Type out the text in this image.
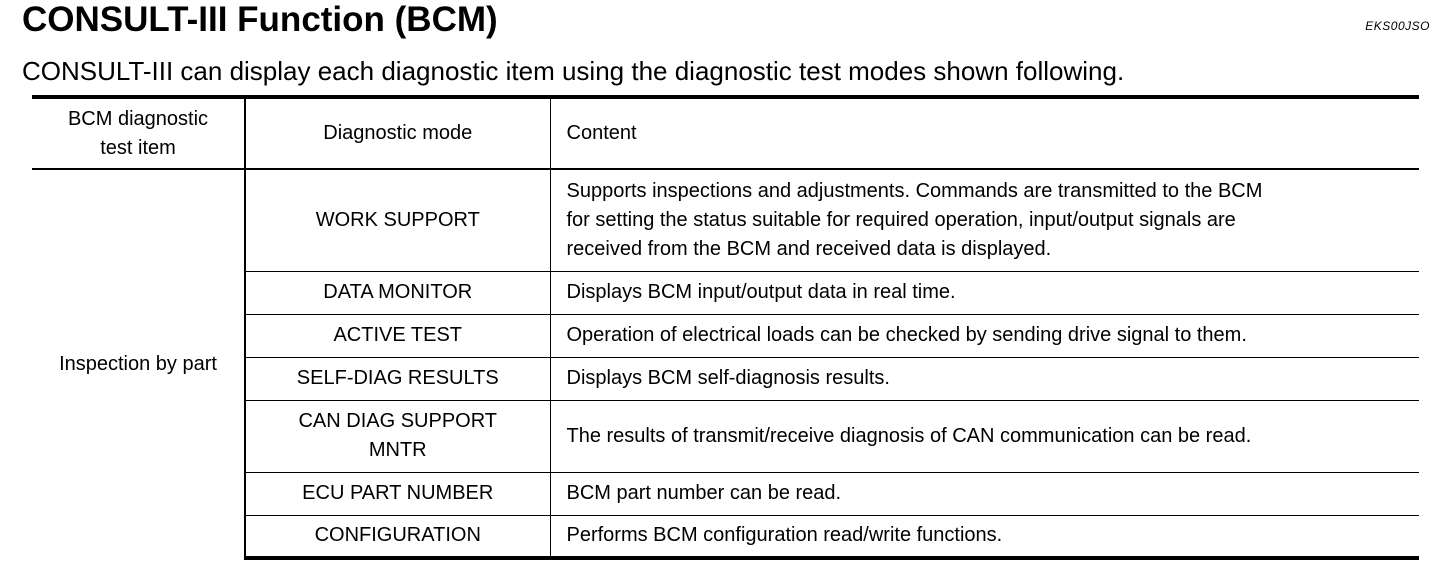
CONSULT-III Function (BCM)	EKS00JSO
CONSULT-III can display each diagnostic item using the diagnostic test modes shown following.
BCM diagnostic
test item	Diagnostic mode	Content

Inspection by part	WORK SUPPORT	Supports inspections and adjustments. Commands are transmitted to the BCM
for setting the status suitable for required operation, input/output signals are
received from the BCM and received data is displayed.

	DATA MONITOR	Displays BCM input/output data in real time.

	ACTIVE TEST	Operation of electrical loads can be checked by sending drive signal to them.

	SELF-DIAG RESULTS	Displays BCM self-diagnosis results.

	CAN DIAG SUPPORT
MNTR	The results of transmit/receive diagnosis of CAN communication can be read.

	ECU PART NUMBER	BCM part number can be read.

	CONFIGURATION	Performs BCM configuration read/write functions.
